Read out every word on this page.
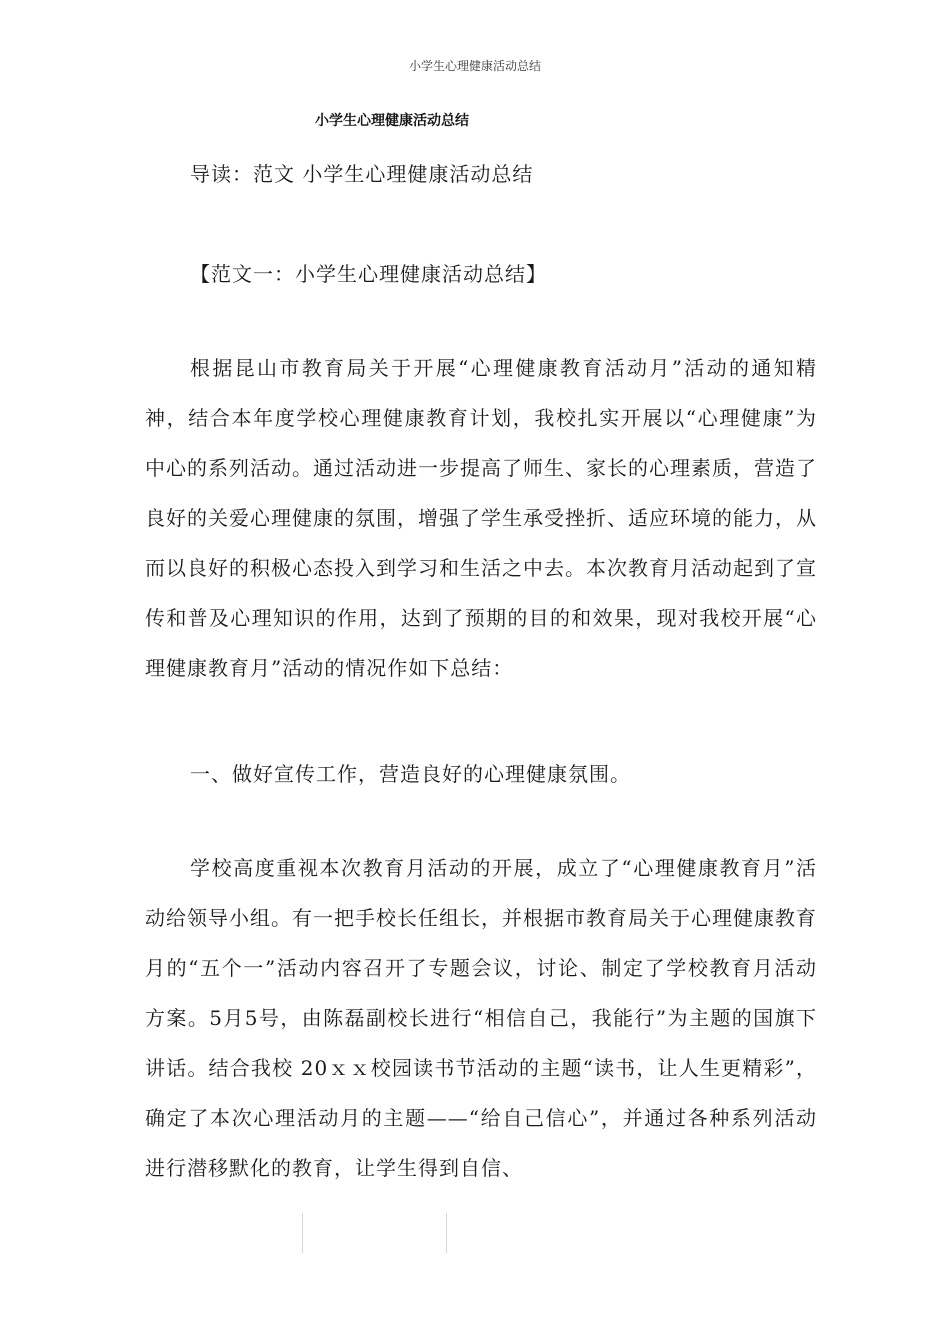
小学生心理健康活动总结
小学生心理健康活动总结
导读：范文 小学生心理健康活动总结
【范文一：小学生心理健康活动总结】
根据昆山市教育局关于开展“心理健康教育活动月”活动的通知精神，结合本年度学校心理健康教育计划，我校扎实开展以“心理健康”为中心的系列活动。通过活动进一步提高了师生、家长的心理素质，营造了良好的关爱心理健康的氛围，增强了学生承受挫折、适应环境的能力，从而以良好的积极心态投入到学习和生活之中去。本次教育月活动起到了宣传和普及心理知识的作用，达到了预期的目的和效果，现对我校开展“心理健康教育月”活动的情况作如下总结：
一、做好宣传工作，营造良好的心理健康氛围。
学校高度重视本次教育月活动的开展，成立了“心理健康教育月”活动给领导小组。有一把手校长任组长，并根据市教育局关于心理健康教育月的“五个一”活动内容召开了专题会议，讨论、制定了学校教育月活动方案。5月5号，由陈磊副校长进行“相信自己，我能行”为主题的国旗下讲话。结合我校 20ｘｘ校园读书节活动的主题“读书，让人生更精彩”，确定了本次心理活动月的主题——“给自己信心”，并通过各种系列活动进行潜移默化的教育，让学生得到自信、
